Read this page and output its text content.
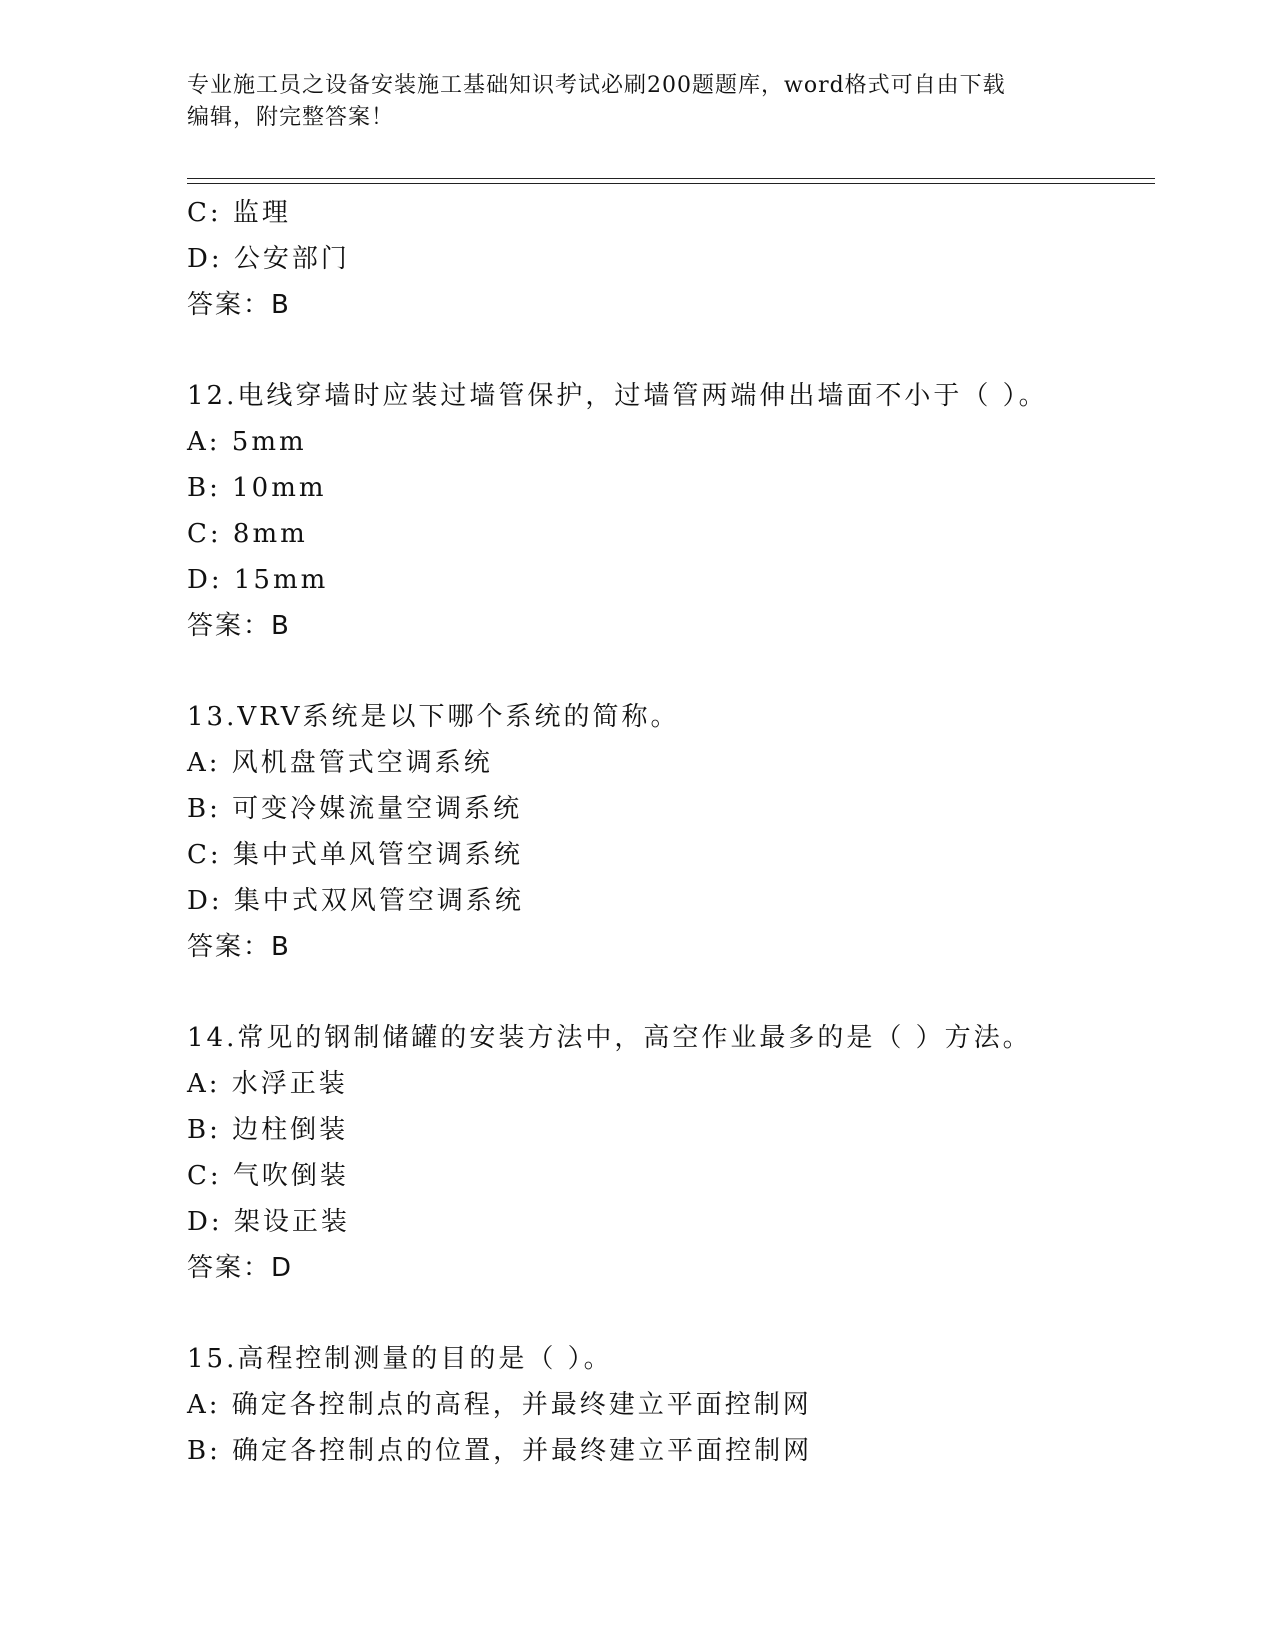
专业施工员之设备安装施工基础知识考试必刷200题题库，word格式可自由下载
编辑，附完整答案！
C: 监理
D: 公安部门
答案：B
12.电线穿墙时应装过墙管保护，过墙管两端伸出墙面不小于（ ）。
A: 5mm
B: 10mm
C: 8mm
D: 15mm
答案：B
13.VRV系统是以下哪个系统的简称。
A: 风机盘管式空调系统
B: 可变冷媒流量空调系统
C: 集中式单风管空调系统
D: 集中式双风管空调系统
答案：B
14.常见的钢制储罐的安装方法中，高空作业最多的是（ ）方法。
A: 水浮正装
B: 边柱倒装
C: 气吹倒装
D: 架设正装
答案：D
15.高程控制测量的目的是（ ）。
A: 确定各控制点的高程，并最终建立平面控制网
B: 确定各控制点的位置，并最终建立平面控制网
